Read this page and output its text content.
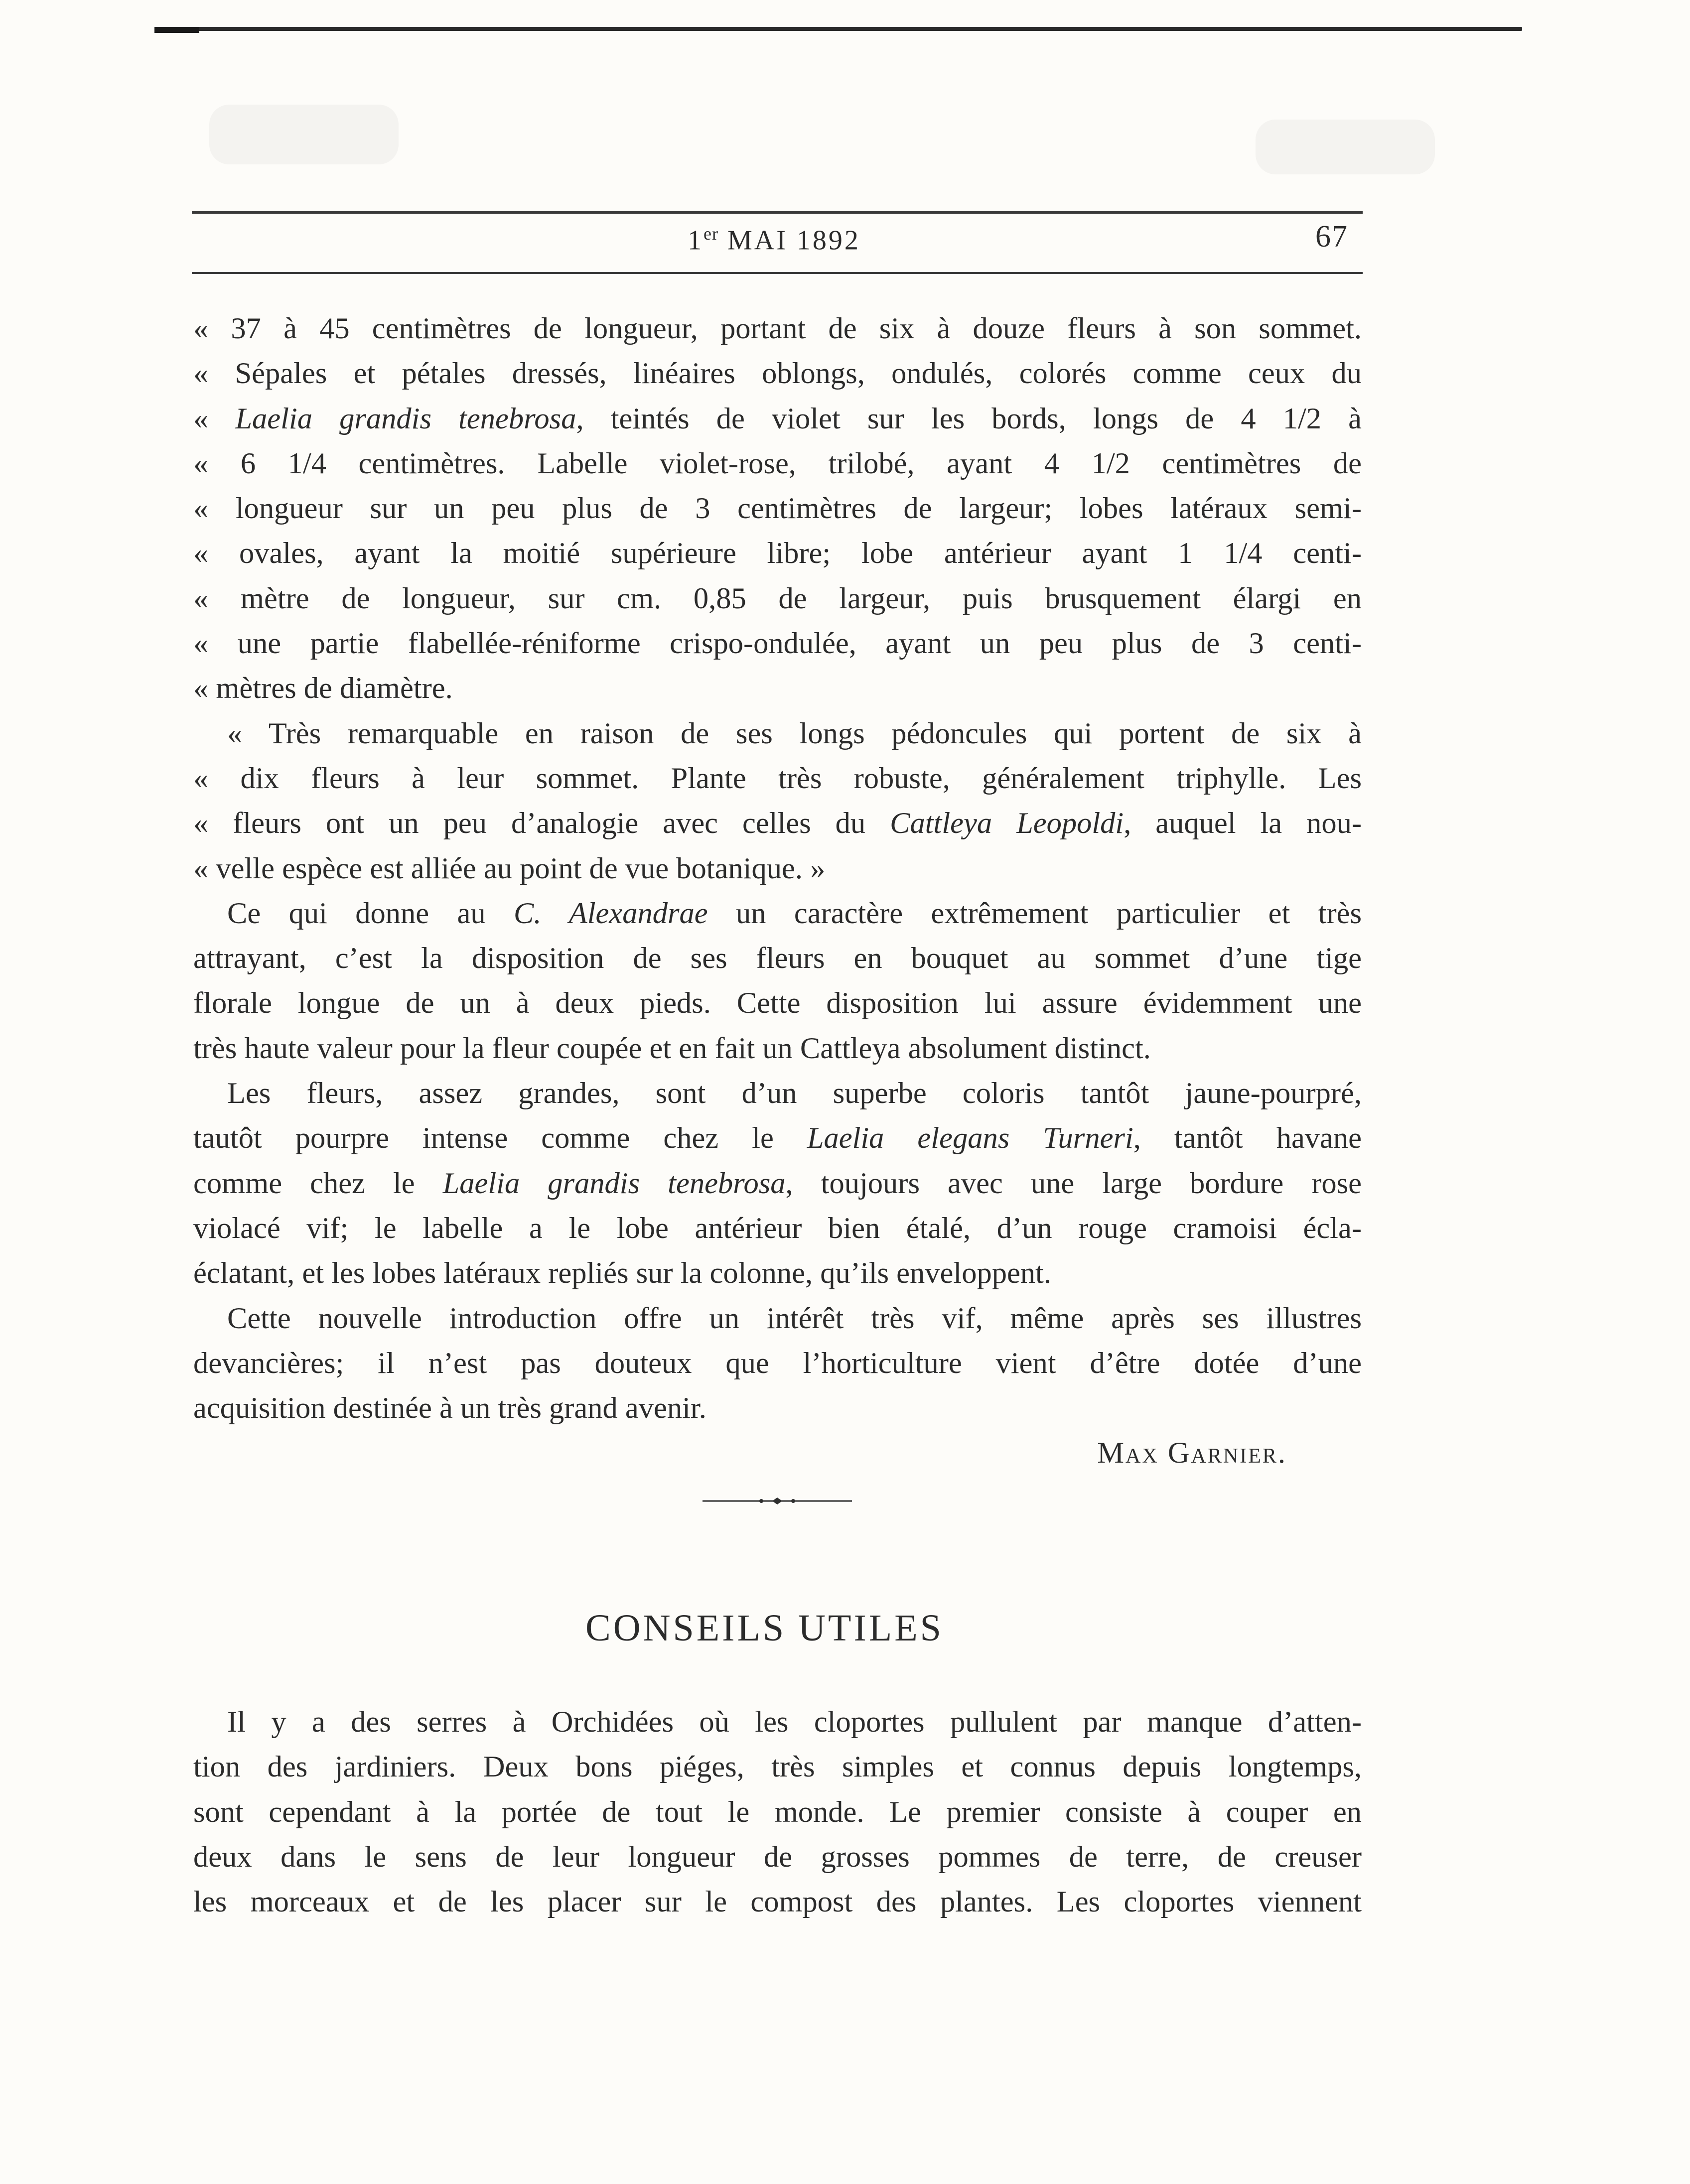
1er MAI 1892	67
« 37 à 45 centimètres de longueur, portant de six à douze fleurs à son sommet.
« Sépales et pétales dressés, linéaires oblongs, ondulés, colorés comme ceux du
« Laelia grandis tenebrosa, teintés de violet sur les bords, longs de 4 1/2 à
« 6 1/4 centimètres. Labelle violet-rose, trilobé, ayant 4 1/2 centimètres de
« longueur sur un peu plus de 3 centimètres de largeur; lobes latéraux semi-
« ovales, ayant la moitié supérieure libre; lobe antérieur ayant 1 1/4 centi-
« mètre de longueur, sur cm. 0,85 de largeur, puis brusquement élargi en
« une partie flabellée-réniforme crispo-ondulée, ayant un peu plus de 3 centi-
« mètres de diamètre.
« Très remarquable en raison de ses longs pédoncules qui portent de six à
« dix fleurs à leur sommet. Plante très robuste, généralement triphylle. Les
« fleurs ont un peu d’analogie avec celles du Cattleya Leopoldi, auquel la nou-
« velle espèce est alliée au point de vue botanique. »
Ce qui donne au C. Alexandrae un caractère extrêmement particulier et très
attrayant, c’est la disposition de ses fleurs en bouquet au sommet d’une tige
florale longue de un à deux pieds. Cette disposition lui assure évidemment une
très haute valeur pour la fleur coupée et en fait un Cattleya absolument distinct.
Les fleurs, assez grandes, sont d’un superbe coloris tantôt jaune-pourpré,
tautôt pourpre intense comme chez le Laelia elegans Turneri, tantôt havane
comme chez le Laelia grandis tenebrosa, toujours avec une large bordure rose
violacé vif; le labelle a le lobe antérieur bien étalé, d’un rouge cramoisi écla-
éclatant, et les lobes latéraux repliés sur la colonne, qu’ils enveloppent.
Cette nouvelle introduction offre un intérêt très vif, même après ses illustres
devancières; il n’est pas douteux que l’horticulture vient d’être dotée d’une
acquisition destinée à un très grand avenir.
Max Garnier.
CONSEILS UTILES
Il y a des serres à Orchidées où les cloportes pullulent par manque d’atten-
tion des jardiniers. Deux bons piéges, très simples et connus depuis longtemps,
sont cependant à la portée de tout le monde. Le premier consiste à couper en
deux dans le sens de leur longueur de grosses pommes de terre, de creuser
les morceaux et de les placer sur le compost des plantes. Les cloportes viennent
